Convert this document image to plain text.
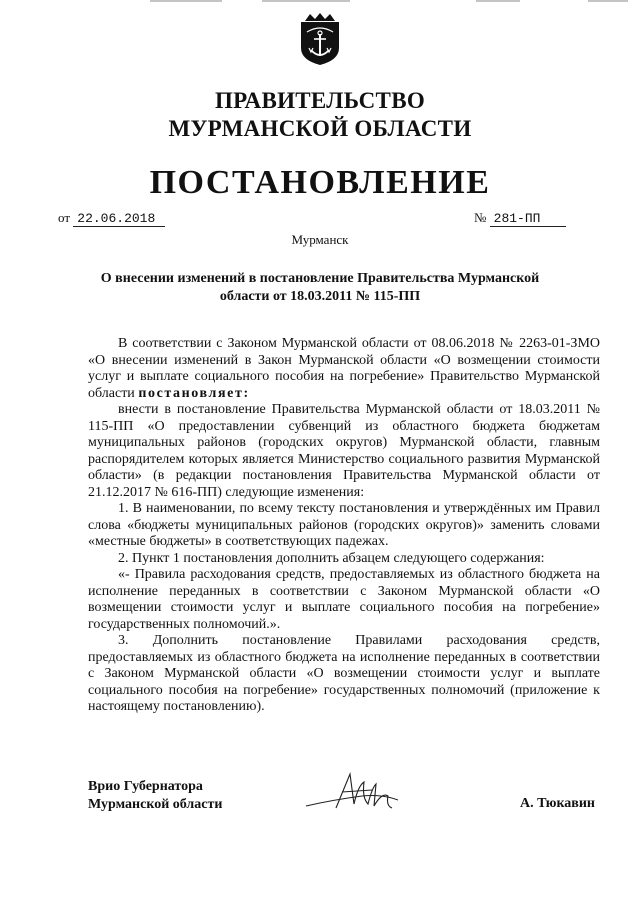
ПРАВИТЕЛЬСТВО
МУРМАНСКОЙ ОБЛАСТИ
ПОСТАНОВЛЕНИЕ
от 22.06.2018	№ 281-ПП
Мурманск
О внесении изменений в постановление Правительства Мурманской
области от 18.03.2011 № 115-ПП

В соответствии с Законом Мурманской области от 08.06.2018 № 2263-01-ЗМО «О внесении изменений в Закон Мурманской области «О возмещении стоимости услуг и выплате социального пособия на погребение» Правительство Мурманской области постановляет:

внести в постановление Правительства Мурманской области от 18.03.2011 № 115-ПП «О предоставлении субвенций из областного бюджета бюджетам муниципальных районов (городских округов) Мурманской области, главным распорядителем которых является Министерство социального развития Мурманской области» (в редакции постановления Правительства Мурманской области от 21.12.2017 № 616-ПП) следующие изменения:

1. В наименовании, по всему тексту постановления и утверждённых им Правил слова «бюджеты муниципальных районов (городских округов)» заменить словами «местные бюджеты» в соответствующих падежах.

2. Пункт 1 постановления дополнить абзацем следующего содержания:

«- Правила расходования средств, предоставляемых из областного бюджета на исполнение переданных в соответствии с Законом Мурманской области «О возмещении стоимости услуг и выплате социального пособия на погребение» государственных полномочий.».

3. Дополнить постановление Правилами расходования средств, предоставляемых из областного бюджета на исполнение переданных в соответствии с Законом Мурманской области «О возмещении стоимости услуг и выплате социального пособия на погребение» государственных полномочий (приложение к настоящему постановлению).

Врио Губернатора
Мурманской области	А. Тюкавин
